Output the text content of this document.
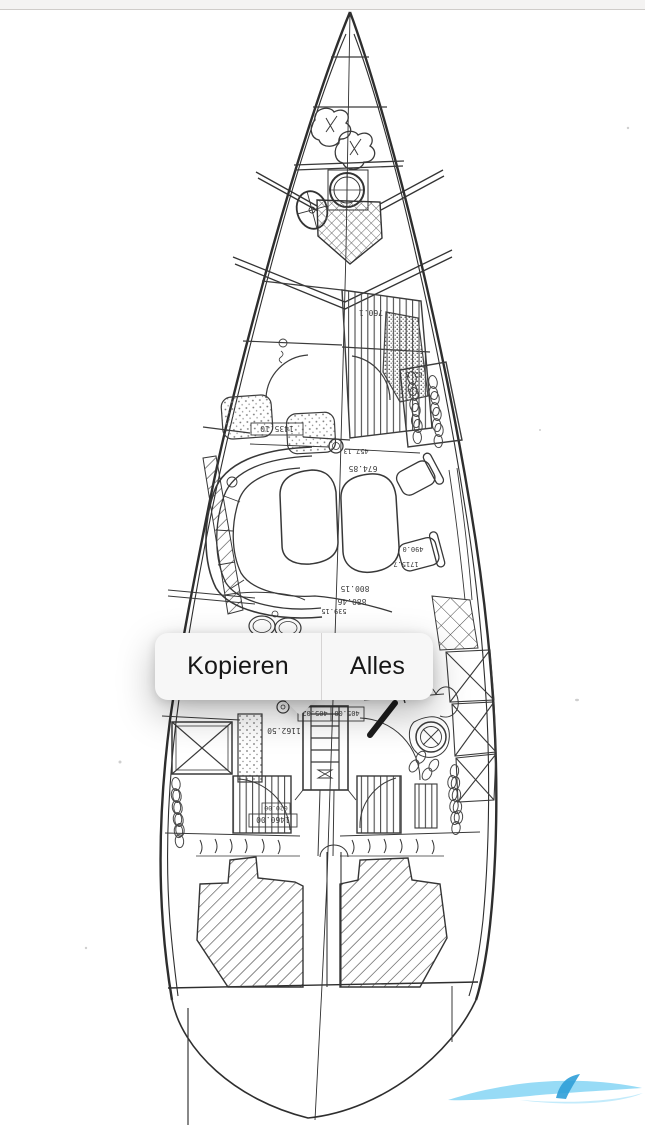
760.1
62.5
1435.10
457.13
674.85
490.0
1715.7
800.15
880.46
539.15
405.02 405.00
1162.50
020.00
1460.00
Kopieren	Alles
